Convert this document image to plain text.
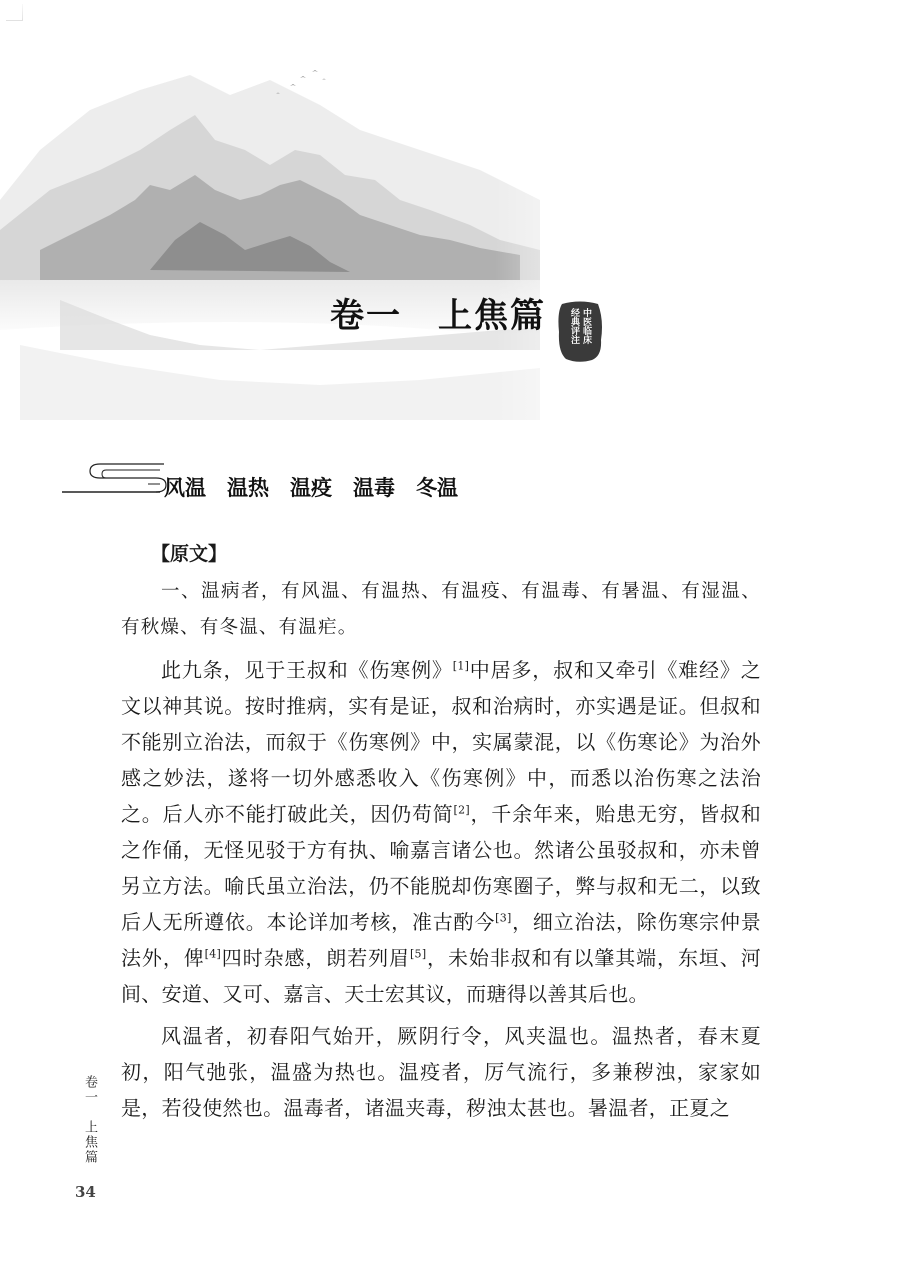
卷一　上焦篇	中医临床
经典评注
风温　温热　温疫　温毒　冬温
【原文】

一、温病者，有风温、有温热、有温疫、有温毒、有暑温、有湿温、有秋燥、有冬温、有温疟。

此九条，见于王叔和《伤寒例》[1]中居多，叔和又牵引《难经》之文以神其说。按时推病，实有是证，叔和治病时，亦实遇是证。但叔和不能别立治法，而叙于《伤寒例》中，实属蒙混，以《伤寒论》为治外感之妙法，遂将一切外感悉收入《伤寒例》中，而悉以治伤寒之法治之。后人亦不能打破此关，因仍苟简[2]，千余年来，贻患无穷，皆叔和之作俑，无怪见驳于方有执、喻嘉言诸公也。然诸公虽驳叔和，亦未曾另立方法。喻氏虽立治法，仍不能脱却伤寒圈子，弊与叔和无二，以致后人无所遵依。本论详加考核，准古酌今[3]，细立治法，除伤寒宗仲景法外，俾[4]四时杂感，朗若列眉[5]，未始非叔和有以肇其端，东垣、河间、安道、又可、嘉言、天士宏其议，而瑭得以善其后也。

风温者，初春阳气始开，厥阴行令，风夹温也。温热者，春末夏初，阳气弛张，温盛为热也。温疫者，厉气流行，多兼秽浊，家家如是，若役使然也。温毒者，诸温夹毒，秽浊太甚也。暑温者，正夏之

卷一　上焦篇
34
